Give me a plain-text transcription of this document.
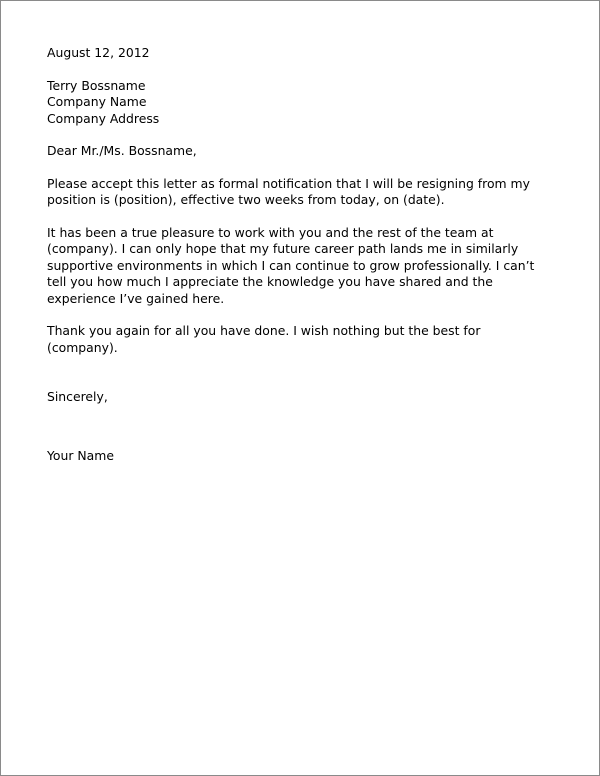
August 12, 2012

Terry Bossname
Company Name
Company Address

Dear Mr./Ms. Bossname,

Please accept this letter as formal notification that I will be resigning from my
position is (position), effective two weeks from today, on (date).

It has been a true pleasure to work with you and the rest of the team at
(company). I can only hope that my future career path lands me in similarly
supportive environments in which I can continue to grow professionally. I can’t
tell you how much I appreciate the knowledge you have shared and the
experience I’ve gained here.

Thank you again for all you have done. I wish nothing but the best for
(company).

Sincerely,

Your Name
